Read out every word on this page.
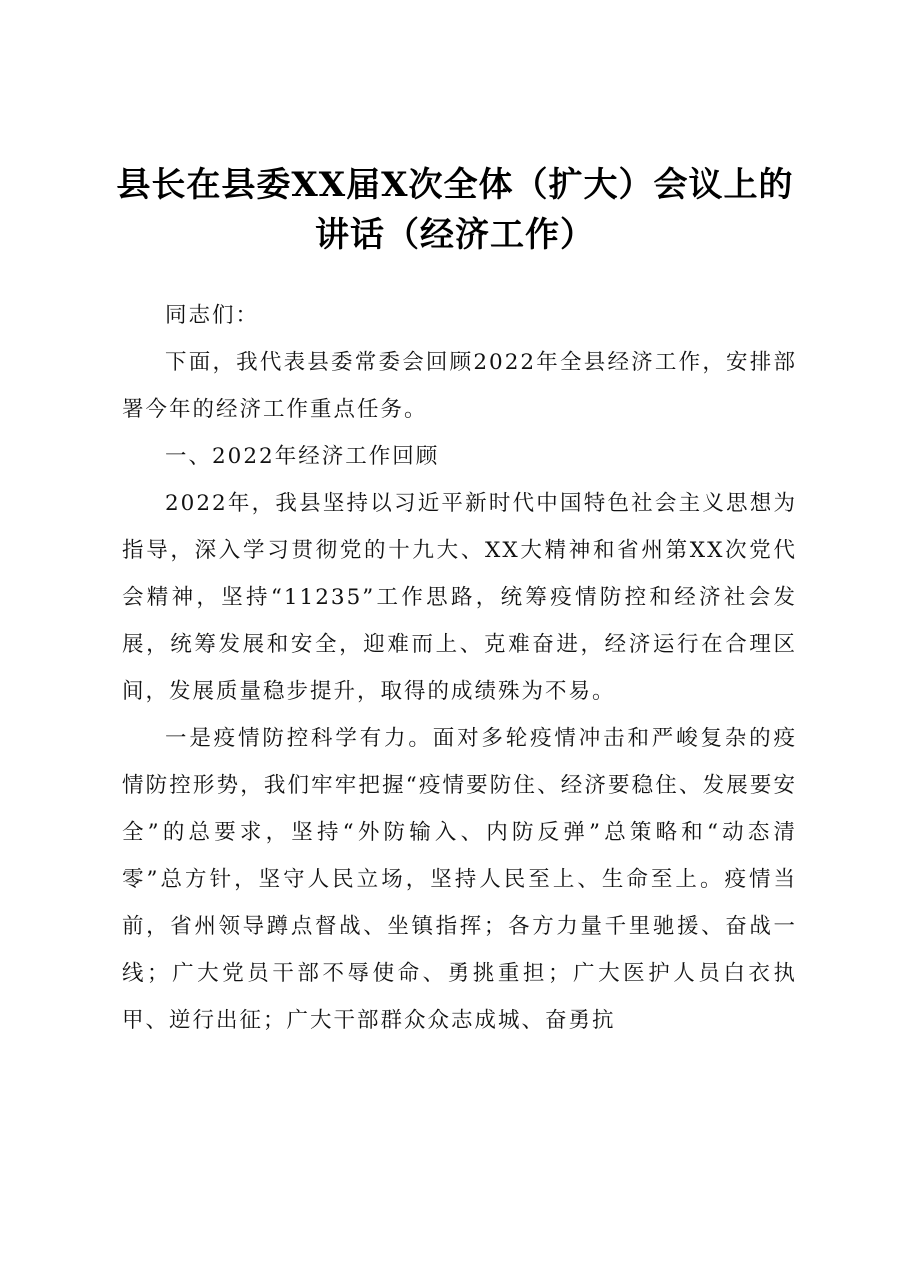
县长在县委XX届X次全体（扩大）会议上的
讲话（经济工作）

同志们：

下面，我代表县委常委会回顾2022年全县经济工作，安排部署今年的经济工作重点任务。

一、2022年经济工作回顾

2022年，我县坚持以习近平新时代中国特色社会主义思想为指导，深入学习贯彻党的十九大、XX大精神和省州第XX次党代会精神，坚持“11235”工作思路，统筹疫情防控和经济社会发展，统筹发展和安全，迎难而上、克难奋进，经济运行在合理区间，发展质量稳步提升，取得的成绩殊为不易。

一是疫情防控科学有力。面对多轮疫情冲击和严峻复杂的疫情防控形势，我们牢牢把握“疫情要防住、经济要稳住、发展要安全”的总要求，坚持“外防输入、内防反弹”总策略和“动态清零”总方针，坚守人民立场，坚持人民至上、生命至上。疫情当前，省州领导蹲点督战、坐镇指挥；各方力量千里驰援、奋战一线；广大党员干部不辱使命、勇挑重担；广大医护人员白衣执甲、逆行出征；广大干部群众众志成城、奋勇抗
